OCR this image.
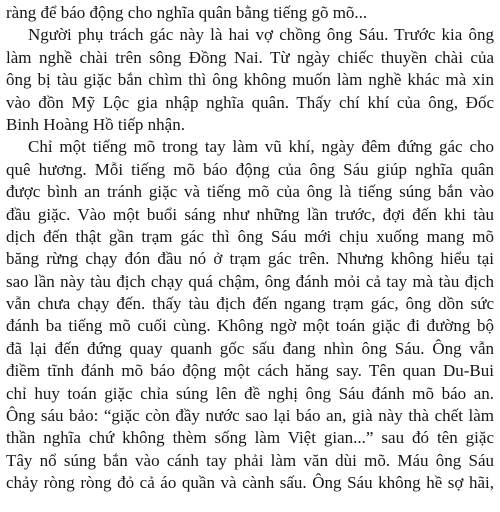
ràng để báo động cho nghĩa quân bằng tiếng gõ mõ...
Người phụ trách gác này là hai vợ chồng ông Sáu. Trước kia ông
làm nghề chài trên sông Đồng Nai. Từ ngày chiếc thuyền chài của
ông bị tàu giặc bắn chìm thì ông không muốn làm nghề khác mà xin
vào đồn Mỹ Lộc gia nhập nghĩa quân. Thấy chí khí của ông, Đốc
Binh Hoàng Hồ tiếp nhận.
Chỉ một tiếng mõ trong tay làm vũ khí, ngày đêm đứng gác cho
quê hương. Mỗi tiếng mõ báo động của ông Sáu giúp nghĩa quân
được bình an tránh giặc và tiếng mõ của ông là tiếng súng bắn vào
đầu giặc. Vào một buổi sáng như những lần trước, đợi đến khi tàu
dịch đến thật gần trạm gác thì ông Sáu mới chịu xuống mang mõ
băng rừng chạy đón đầu nó ở trạm gác trên. Nhưng không hiểu tại
sao lần này tàu địch chạy quá chậm, ông đánh mỏi cả tay mà tàu địch
vẫn chưa chạy đến. thấy tàu địch đến ngang trạm gác, ông dồn sức
đánh ba tiếng mõ cuối cùng. Không ngờ một toán giặc đi đường bộ
đã lại đến đứng quay quanh gốc sấu đang nhìn ông Sáu. Ông vẫn
điềm tĩnh đánh mõ báo động một cách hăng say. Tên quan Du-Bui
chỉ huy toán giặc chỉa súng lên đề nghị ông Sáu đánh mõ báo an.
Ông sáu bảo: “giặc còn đầy nước sao lại báo an, già này thà chết làm
thần nghĩa chứ không thèm sống làm Việt gian...” sau đó tên giặc
Tây nổ súng bắn vào cánh tay phải làm văn dùi mõ. Máu ông Sáu
chảy ròng ròng đỏ cả áo quần và cành sấu. Ông Sáu không hề sợ hãi,
